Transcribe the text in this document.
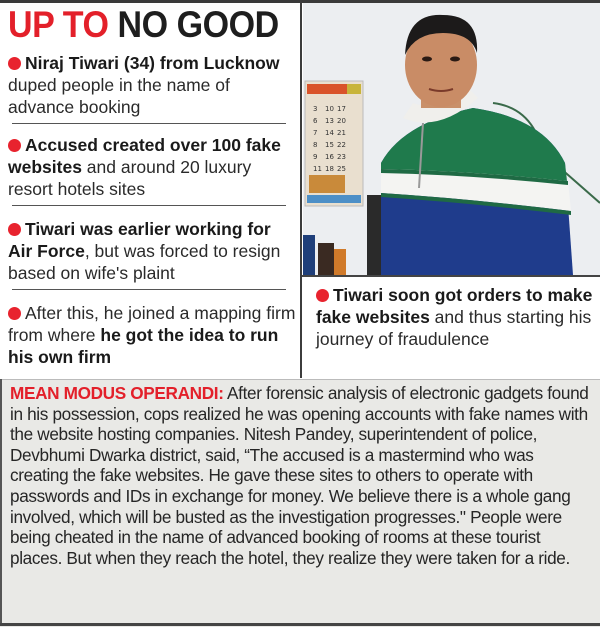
UP TO NO GOOD
Niraj Tiwari (34) from Lucknow duped people in the name of advance booking
Accused created over 100 fake websites and around 20 luxury resort hotels sites
Tiwari was earlier working for Air Force, but was forced to resign based on wife's plaint
After this, he joined a mapping firm from where he got the idea to run his own firm
3 10 17
6 13 20
7 14 21
8 15 22
9 16 23
11 18 25
Tiwari soon got orders to make fake websites and thus starting his journey of fraudulence
MEAN MODUS OPERANDI: After forensic analysis of electronic gadgets found in his possession, cops realized he was opening accounts with fake names with the website hosting companies. Nitesh Pandey, superintendent of police, Devbhumi Dwarka district, said, “The accused is a mastermind who was creating the fake websites. He gave these sites to others to operate with passwords and IDs in exchange for money. We believe there is a whole gang involved, which will be busted as the investigation progresses." People were being cheated in the name of advanced booking of rooms at these tourist places. But when they reach the hotel, they realize they were taken for a ride.
